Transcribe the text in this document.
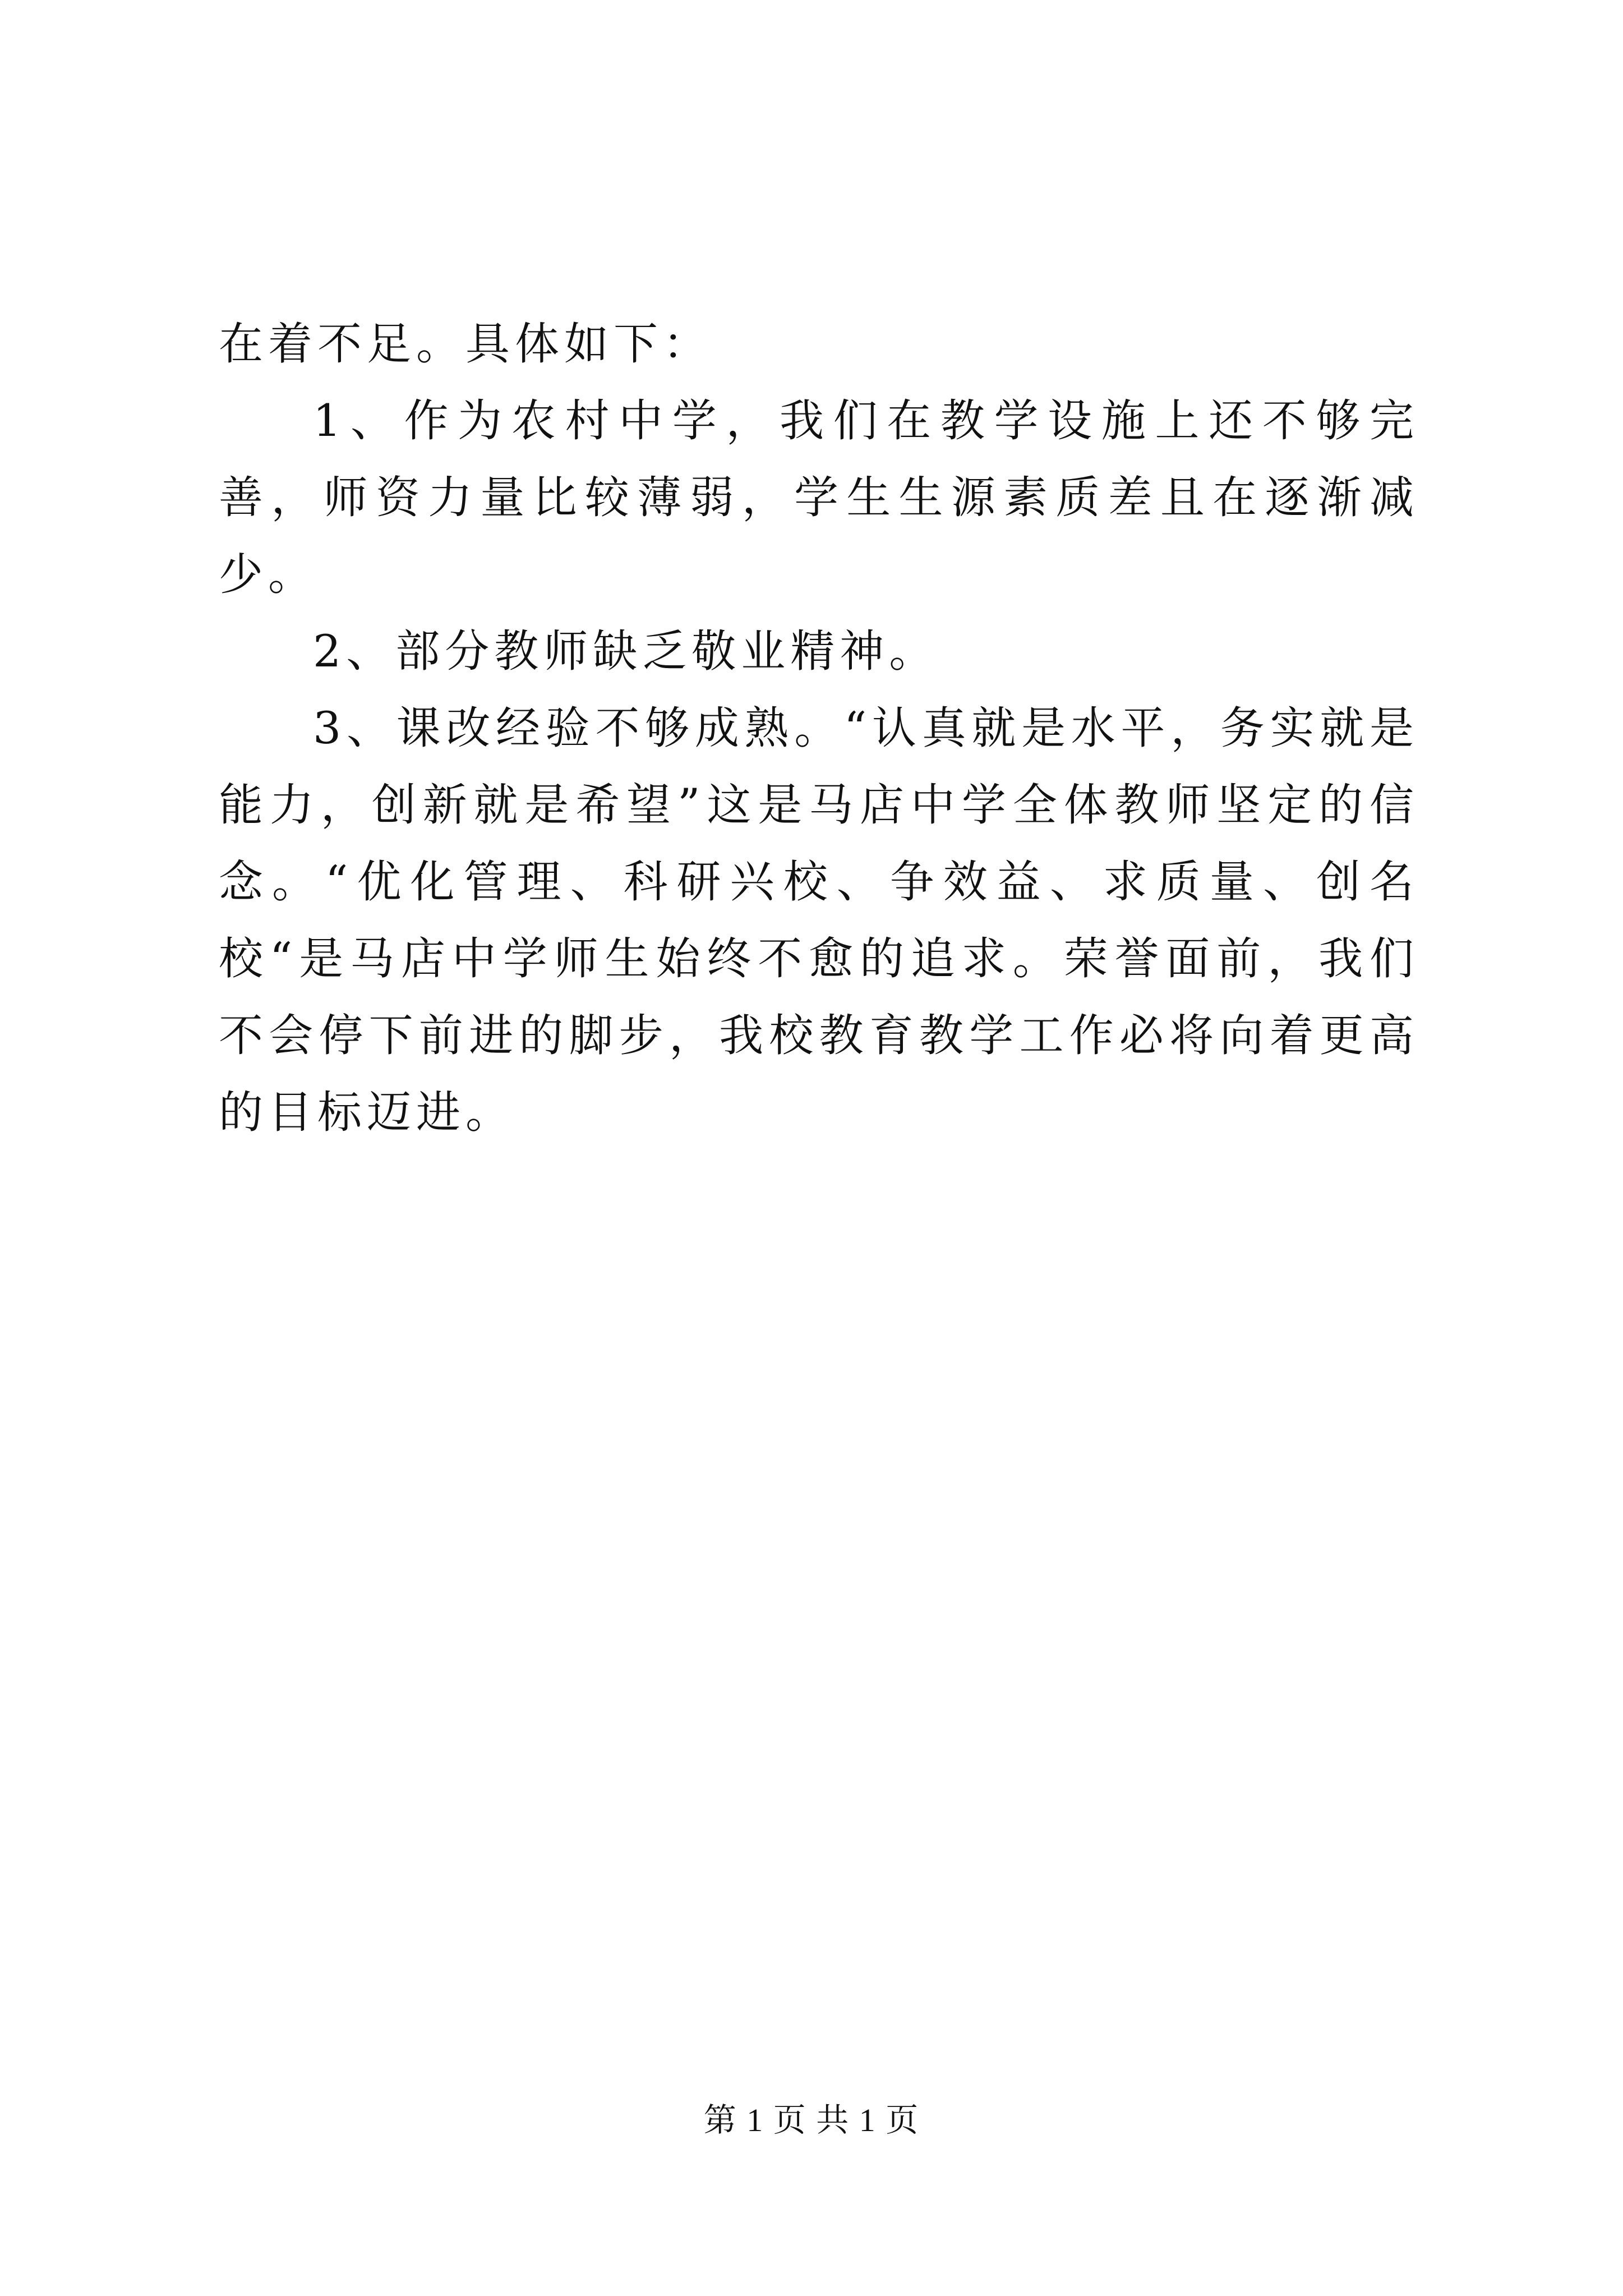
在着不足。具体如下：

1、作为农村中学，我们在教学设施上还不够完善，师资力量比较薄弱，学生生源素质差且在逐渐减少。

2、部分教师缺乏敬业精神。

3、课改经验不够成熟。“认真就是水平，务实就是能力，创新就是希望”这是马店中学全体教师坚定的信念。“优化管理、科研兴校、争效益、求质量、创名校“是马店中学师生始终不愈的追求。荣誉面前，我们不会停下前进的脚步，我校教育教学工作必将向着更高的目标迈进。

第 1 页 共 1 页
